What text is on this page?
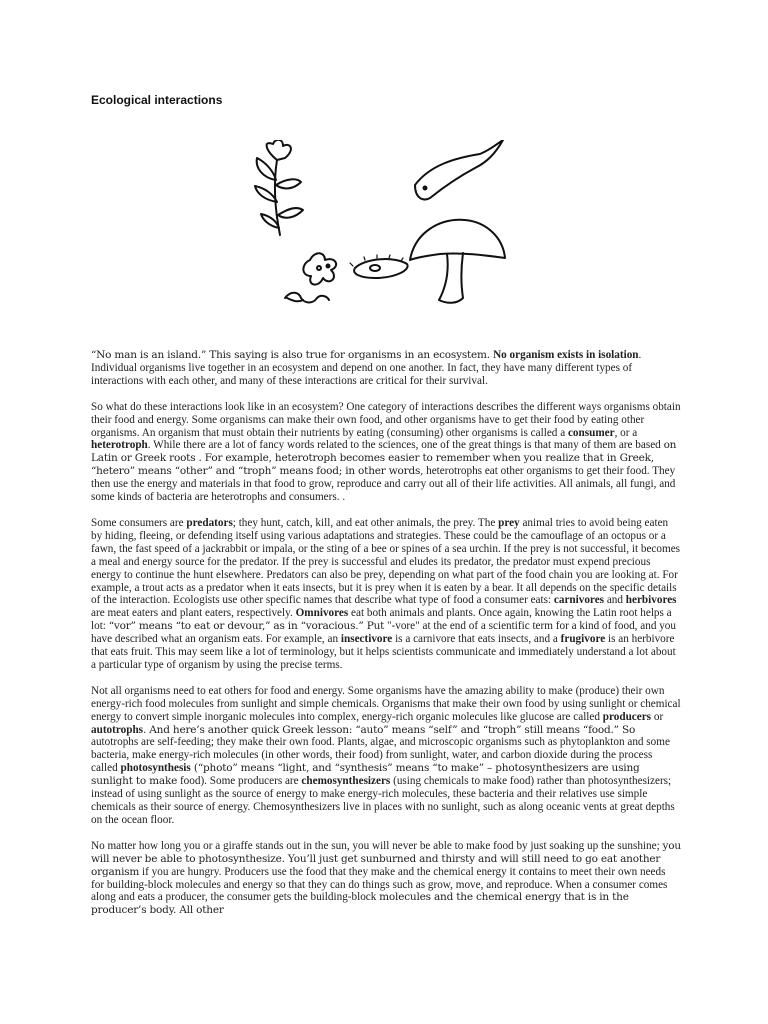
Ecological interactions

“No man is an island.” This saying is also true for organisms in an ecosystem. No organism exists in isolation. Individual organisms live together in an ecosystem and depend on one another. In fact, they have many different types of interactions with each other, and many of these interactions are critical for their survival.

So what do these interactions look like in an ecosystem? One category of interactions describes the different ways organisms obtain their food and energy. Some organisms can make their own food, and other organisms have to get their food by eating other organisms. An organism that must obtain their nutrients by eating (consuming) other organisms is called a consumer, or a heterotroph. While there are a lot of fancy words related to the sciences, one of the great things is that many of them are based on Latin or Greek roots . For example, heterotroph becomes easier to remember when you realize that in Greek, “hetero” means “other” and “troph” means food; in other words, heterotrophs eat other organisms to get their food. They then use the energy and materials in that food to grow, reproduce and carry out all of their life activities. All animals, all fungi, and some kinds of bacteria are heterotrophs and consumers. .

Some consumers are predators; they hunt, catch, kill, and eat other animals, the prey. The prey animal tries to avoid being eaten by hiding, fleeing, or defending itself using various adaptations and strategies. These could be the camouflage of an octopus or a fawn, the fast speed of a jackrabbit or impala, or the sting of a bee or spines of a sea urchin. If the prey is not successful, it becomes a meal and energy source for the predator. If the prey is successful and eludes its predator, the predator must expend precious energy to continue the hunt elsewhere. Predators can also be prey, depending on what part of the food chain you are looking at. For example, a trout acts as a predator when it eats insects, but it is prey when it is eaten by a bear. It all depends on the specific details of the interaction. Ecologists use other specific names that describe what type of food a consumer eats: carnivores and herbivores are meat eaters and plant eaters, respectively. Omnivores eat both animals and plants. Once again, knowing the Latin root helps a lot: “vor” means “to eat or devour,” as in “voracious.” Put "-vore" at the end of a scientific term for a kind of food, and you have described what an organism eats. For example, an insectivore is a carnivore that eats insects, and a frugivore is an herbivore that eats fruit. This may seem like a lot of terminology, but it helps scientists communicate and immediately understand a lot about a particular type of organism by using the precise terms.

Not all organisms need to eat others for food and energy. Some organisms have the amazing ability to make (produce) their own energy-rich food molecules from sunlight and simple chemicals. Organisms that make their own food by using sunlight or chemical energy to convert simple inorganic molecules into complex, energy-rich organic molecules like glucose are called producers or autotrophs. And here’s another quick Greek lesson: “auto” means “self” and “troph” still means “food.” So autotrophs are self-feeding; they make their own food. Plants, algae, and microscopic organisms such as phytoplankton and some bacteria, make energy-rich molecules (in other words, their food) from sunlight, water, and carbon dioxide during the process called photosynthesis (“photo” means “light, and “synthesis” means “to make” – photosynthesizers are using sunlight to make food). Some producers are chemosynthesizers (using chemicals to make food) rather than photosynthesizers; instead of using sunlight as the source of energy to make energy-rich molecules, these bacteria and their relatives use simple chemicals as their source of energy. Chemosynthesizers live in places with no sunlight, such as along oceanic vents at great depths on the ocean floor.

No matter how long you or a giraffe stands out in the sun, you will never be able to make food by just soaking up the sunshine; you will never be able to photosynthesize. You’ll just get sunburned and thirsty and will still need to go eat another organism if you are hungry. Producers use the food that they make and the chemical energy it contains to meet their own needs for building-block molecules and energy so that they can do things such as grow, move, and reproduce. When a consumer comes along and eats a producer, the consumer gets the building-block molecules and the chemical energy that is in the producer’s body. All other
